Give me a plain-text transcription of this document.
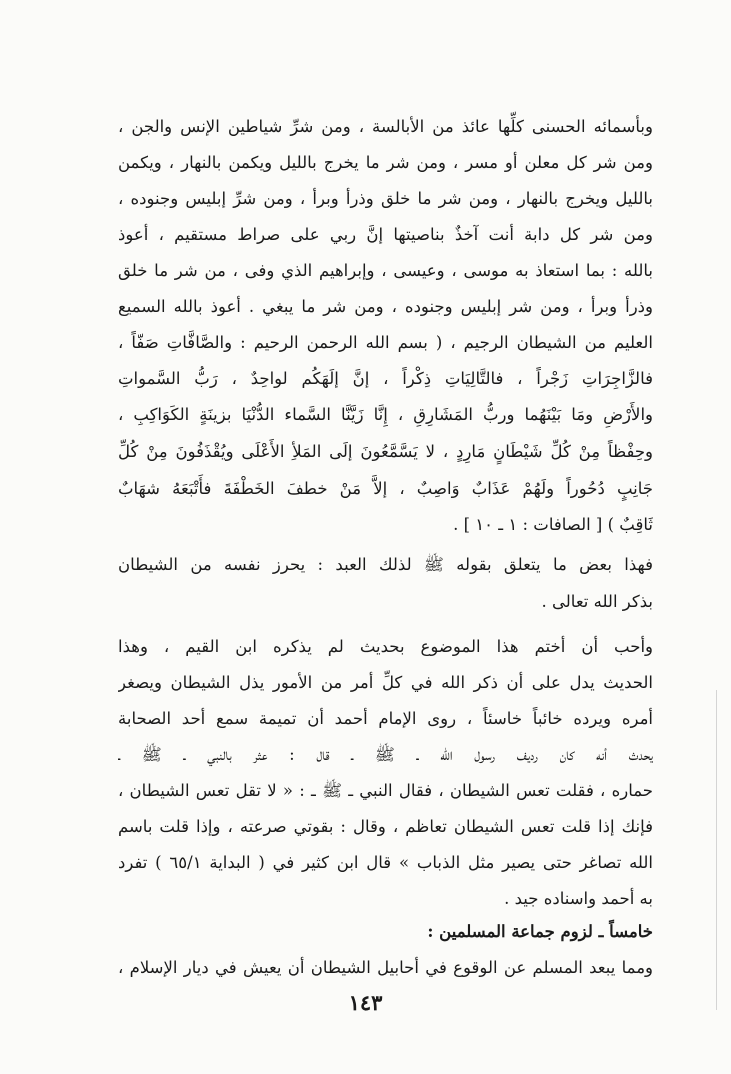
وبأسمائه الحسنى كلِّها عائذ من الأبالسة ، ومن شرِّ شياطين الإنس والجن ،
ومن شر كل معلن أو مسر ، ومن شر ما يخرج بالليل ويكمن بالنهار ، ويكمن
بالليل ويخرج بالنهار ، ومن شر ما خلق وذرأ وبرأ ، ومن شرِّ إبليس وجنوده ،
ومن شر كل دابة أنت آخذٌ بناصيتها إنَّ ربي على صراط مستقيم ، أعوذ
بالله : بما استعاذ به موسى ، وعيسى ، وإبراهيم الذي وفى ، من شر ما خلق
وذرأ وبرأ ، ومن شر إبليس وجنوده ، ومن شر ما يبغي . أعوذ بالله السميع
العليم من الشيطان الرجيم ، ( بسم الله الرحمن الرحيم : والصَّافَّاتِ صَفّاً ،
فالزَّاجِرَاتِ زَجْراً ، فالتَّالِيَاتِ ذِكْراً ، إنَّ إلَهَكُم لواحِدٌ ، رَبُّ السَّمواتِ
والأَرْضِ ومَا بَيْنَهُما وربُّ المَشَارِقِ ، إِنَّا زَيَّنَّا السَّماء الدُّنْيَا بزينَةٍ الكَوَاكِبِ ،
وحِفْظاً مِنْ كُلِّ شَيْطَانٍ مَارِدٍ ، لا يَسَّمَّعُونَ إلَى المَلأِ الأَعْلَى ويُقْذَفُونَ مِنْ كُلِّ
جَانِبٍ دُحُوراً ولَهُمْ عَذَابٌ وَاصِبٌ ، إلاَّ مَنْ خطفَ الخَطْفَةَ فأَتْبَعَهُ شهَابٌ
ثَاقِبٌ ) [ الصافات : ١ ـ ١٠ ] .
فهذا بعض ما يتعلق بقوله ﷺ لذلك العبد : يحرز نفسه من الشيطان
بذكر الله تعالى .
وأحب أن أختم هذا الموضوع بحديث لم يذكره ابن القيم ، وهذا
الحديث يدل على أن ذكر الله في كلِّ أمر من الأمور يذل الشيطان ويصغر
أمره ويرده خائباً خاسئاً ، روى الإمام أحمد أن تميمة سمع أحد الصحابة
يحدث أنه كان رديف رسول الله ـ ﷺ ـ قال : عثر بالنبي ـ ﷺ ـ
حماره ، فقلت تعس الشيطان ، فقال النبي ـ ﷺ ـ : « لا تقل تعس الشيطان ،
فإنك إذا قلت تعس الشيطان تعاظم ، وقال : بقوتي صرعته ، وإذا قلت باسم
الله تصاغر حتى يصير مثل الذباب » قال ابن كثير في ( البداية ٦٥/١ ) تفرد
به أحمد واسناده جيد .
خامساً ـ لزوم جماعة المسلمين :
ومما يبعد المسلم عن الوقوع في أحابيل الشيطان أن يعيش في ديار الإسلام ،
١٤٣
